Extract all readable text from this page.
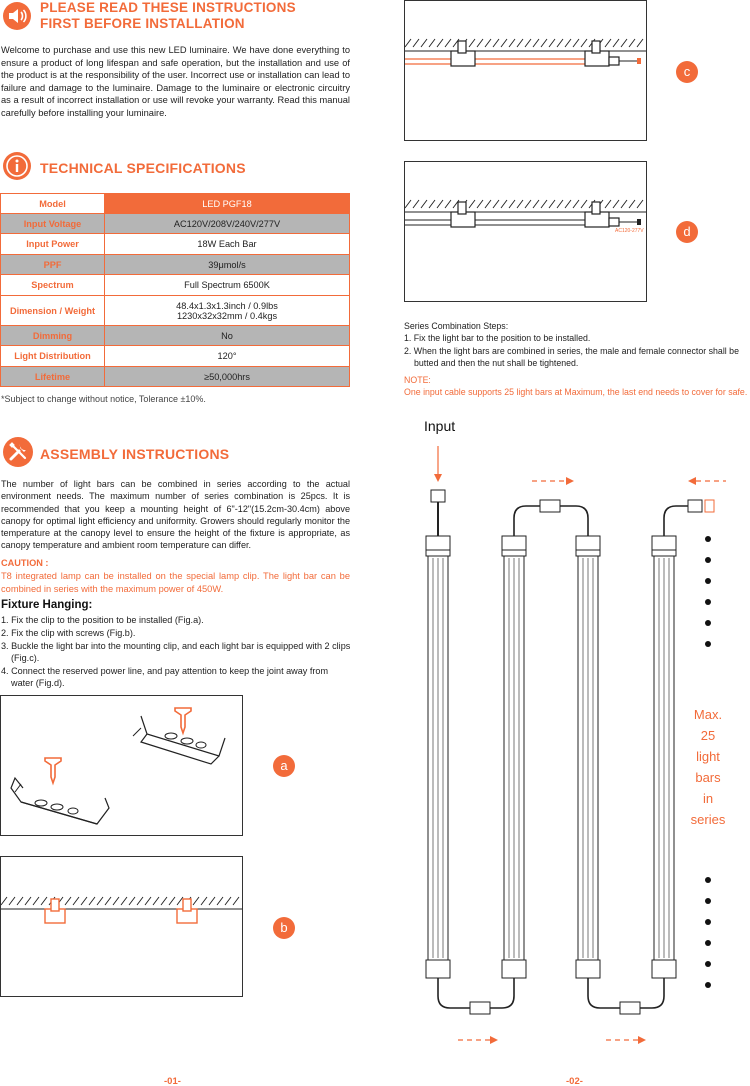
PLEASE READ THESE INSTRUCTIONS
FIRST BEFORE INSTALLATION
Welcome to purchase and use this new LED luminaire. We have done everything to ensure a product of long lifespan and safe operation, but the installation and use of the product is at the responsibility of the user. Incorrect use or installation can lead to failure and damage to the luminaire. Damage to the luminaire or electronic circuitry as a result of incorrect installation or use will revoke your warranty. Read this manual carefully before installing your luminaire.
TECHNICAL SPECIFICATIONS
Model	LED PGF18
Input Voltage	AC120V/208V/240V/277V
Input Power	18W Each Bar
PPF	39μmol/s
Spectrum	Full Spectrum 6500K
Dimension / Weight	48.4x1.3x1.3inch / 0.9lbs
1230x32x32mm / 0.4kgs

Dimming	No
Light Distribution	120°
Lifetime	≥50,000hrs
*Subject to change without notice, Tolerance ±10%.
ASSEMBLY INSTRUCTIONS
The number of light bars can be combined in series according to the actual environment needs. The maximum number of series combination is 25pcs. It is recommended that you keep a mounting height of 6"-12"(15.2cm-30.4cm) above canopy for optimal light efficiency and uniformity. Growers should regularly monitor the temperature at the canopy level to ensure the height of the fixture is appropriate, as canopy temperature and ambient room temperature can differ.
CAUTION :
T8 integrated lamp can be installed on the special lamp clip. The light bar can be combined in series with the maximum power of 450W.
Fixture Hanging:
1. Fix the clip to the position to be installed (Fig.a).
2. Fix the clip with screws (Fig.b).
3. Buckle the light bar into the mounting clip, and each light bar is equipped with 2 clips
(Fig.c).
4. Connect the reserved power line, and pay attention to keep the joint away from
water (Fig.d).
a
b
-01-
c
AC120-277V	d
Series Combination Steps:
1. Fix the light bar to the position to be installed.
2. When the light bars are combined in series, the male and female connector shall be
butted and then the nut shall be tightened.
NOTE:
One input cable supports 25 light bars at Maximum, the last end needs to cover for safe.
Input
Max.
25
light
bars
in
series
-02-
